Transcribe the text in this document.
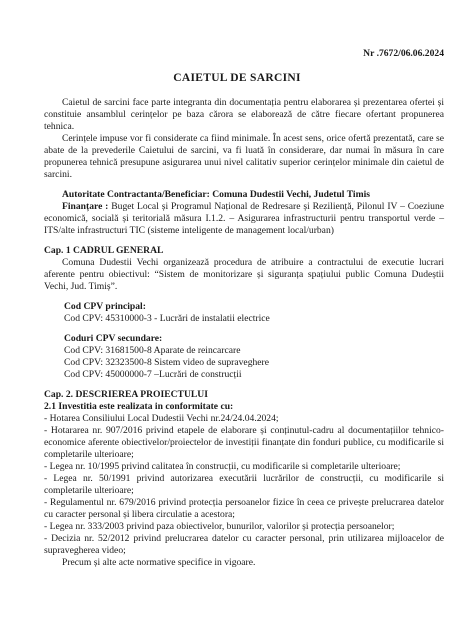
Nr .7672/06.06.2024
CAIETUL DE SARCINI

Caietul de sarcini face parte integranta din documentația pentru elaborarea și prezentarea ofertei și constituie ansamblul cerințelor pe baza cărora se elaborează de către fiecare ofertant propunerea tehnica.

Cerințele impuse vor fi considerate ca fiind minimale. În acest sens, orice ofertă prezentată, care se abate de la prevederile Caietului de sarcini, va fi luată în considerare, dar numai în măsura în care propunerea tehnică presupune asigurarea unui nivel calitativ superior cerințelor minimale din caietul de sarcini.

Autoritate Contractanta/Beneficiar: Comuna Dudestii Vechi, Judetul Timis

Finanțare : Buget Local și Programul Național de Redresare și Reziliență, Pilonul IV – Coeziune economică, socială și teritorială măsura I.1.2. – Asigurarea infrastructurii pentru transportul verde – ITS/alte infrastructuri TIC (sisteme inteligente de management local/urban)

Cap. 1 CADRUL GENERAL

Comuna Dudestii Vechi organizează procedura de atribuire a contractului de executie lucrari aferente pentru obiectivul: “Sistem de monitorizare și siguranța spațiului public Comuna Dudeștii Vechi, Jud. Timiș”.

Cod CPV principal:

Cod CPV: 45310000-3 - Lucrări de instalatii electrice

Coduri CPV secundare:

Cod CPV: 31681500-8 Aparate de reincarcare

Cod CPV: 32323500-8 Sistem video de supraveghere

Cod CPV: 45000000-7 –Lucrări de construcții

Cap. 2. DESCRIEREA PROIECTULUI

2.1 Investitia este realizata in conformitate cu:

- Hotarea Consiliului Local Dudestii Vechi nr.24/24.04.2024;

- Hotararea nr. 907/2016 privind etapele de elaborare și conținutul-cadru al documentațiilor tehnico-economice aferente obiectivelor/proiectelor de investiții finanțate din fonduri publice, cu modificarile si completarile ulterioare;

- Legea nr. 10/1995 privind calitatea în construcții, cu modificarile si completarile ulterioare;

- Legea nr. 50/1991 privind autorizarea executării lucrărilor de construcții, cu modificarile si completarile ulterioare;

- Regulamentul nr. 679/2016 privind protecția persoanelor fizice în ceea ce privește prelucrarea datelor cu caracter personal și libera circulatie a acestora;

- Legea nr. 333/2003 privind paza obiectivelor, bunurilor, valorilor și protecția persoanelor;

- Decizia nr. 52/2012 privind prelucrarea datelor cu caracter personal, prin utilizarea mijloacelor de supravegherea video;

Precum și alte acte normative specifice in vigoare.
